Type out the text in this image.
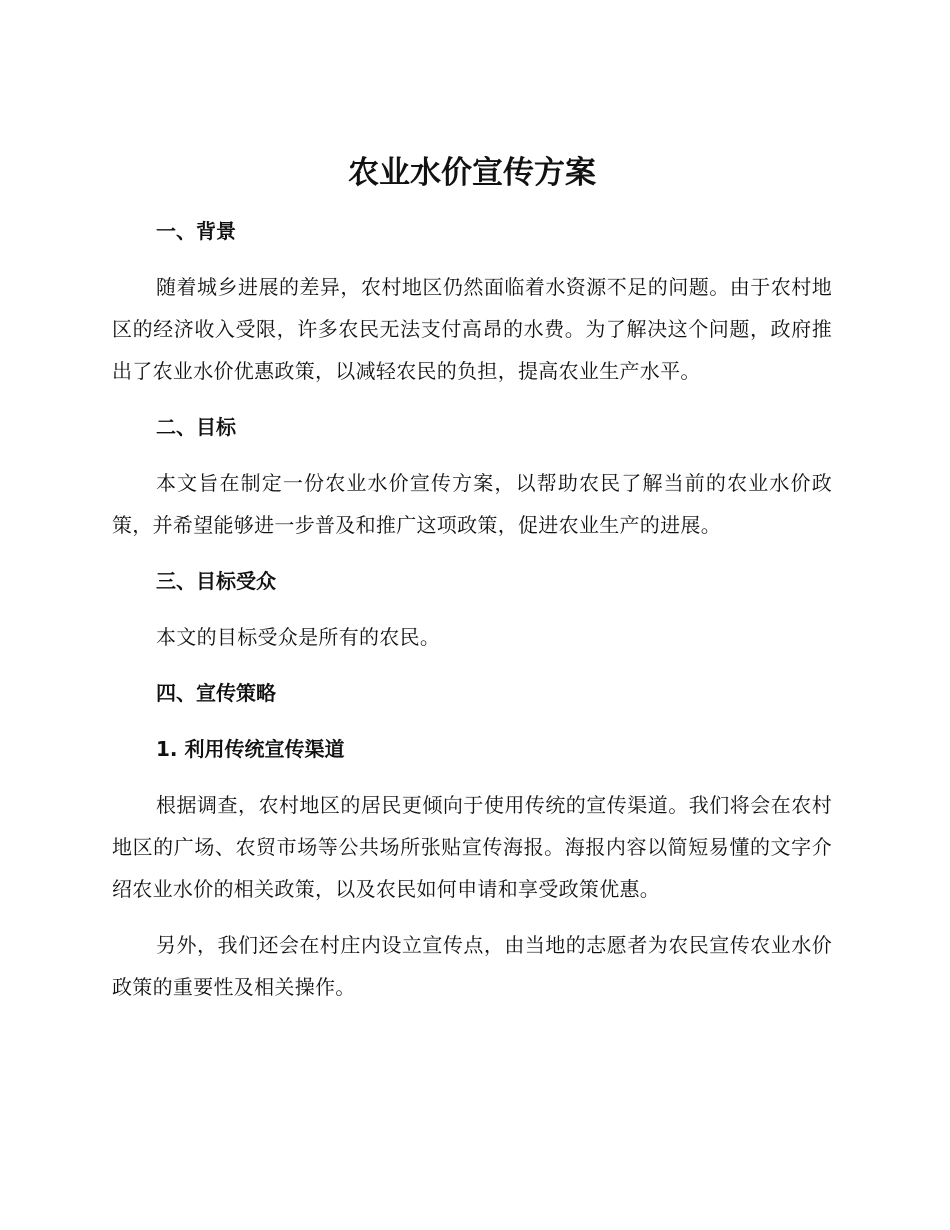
农业水价宣传方案
一、背景

随着城乡进展的差异，农村地区仍然面临着水资源不足的问题。由于农村地区的经济收入受限，许多农民无法支付高昂的水费。为了解决这个问题，政府推出了农业水价优惠政策，以减轻农民的负担，提高农业生产水平。

二、目标

本文旨在制定一份农业水价宣传方案，以帮助农民了解当前的农业水价政策，并希望能够进一步普及和推广这项政策，促进农业生产的进展。

三、目标受众

本文的目标受众是所有的农民。

四、宣传策略
1. 利用传统宣传渠道

根据调查，农村地区的居民更倾向于使用传统的宣传渠道。我们将会在农村地区的广场、农贸市场等公共场所张贴宣传海报。海报内容以简短易懂的文字介绍农业水价的相关政策，以及农民如何申请和享受政策优惠。

另外，我们还会在村庄内设立宣传点，由当地的志愿者为农民宣传农业水价政策的重要性及相关操作。
